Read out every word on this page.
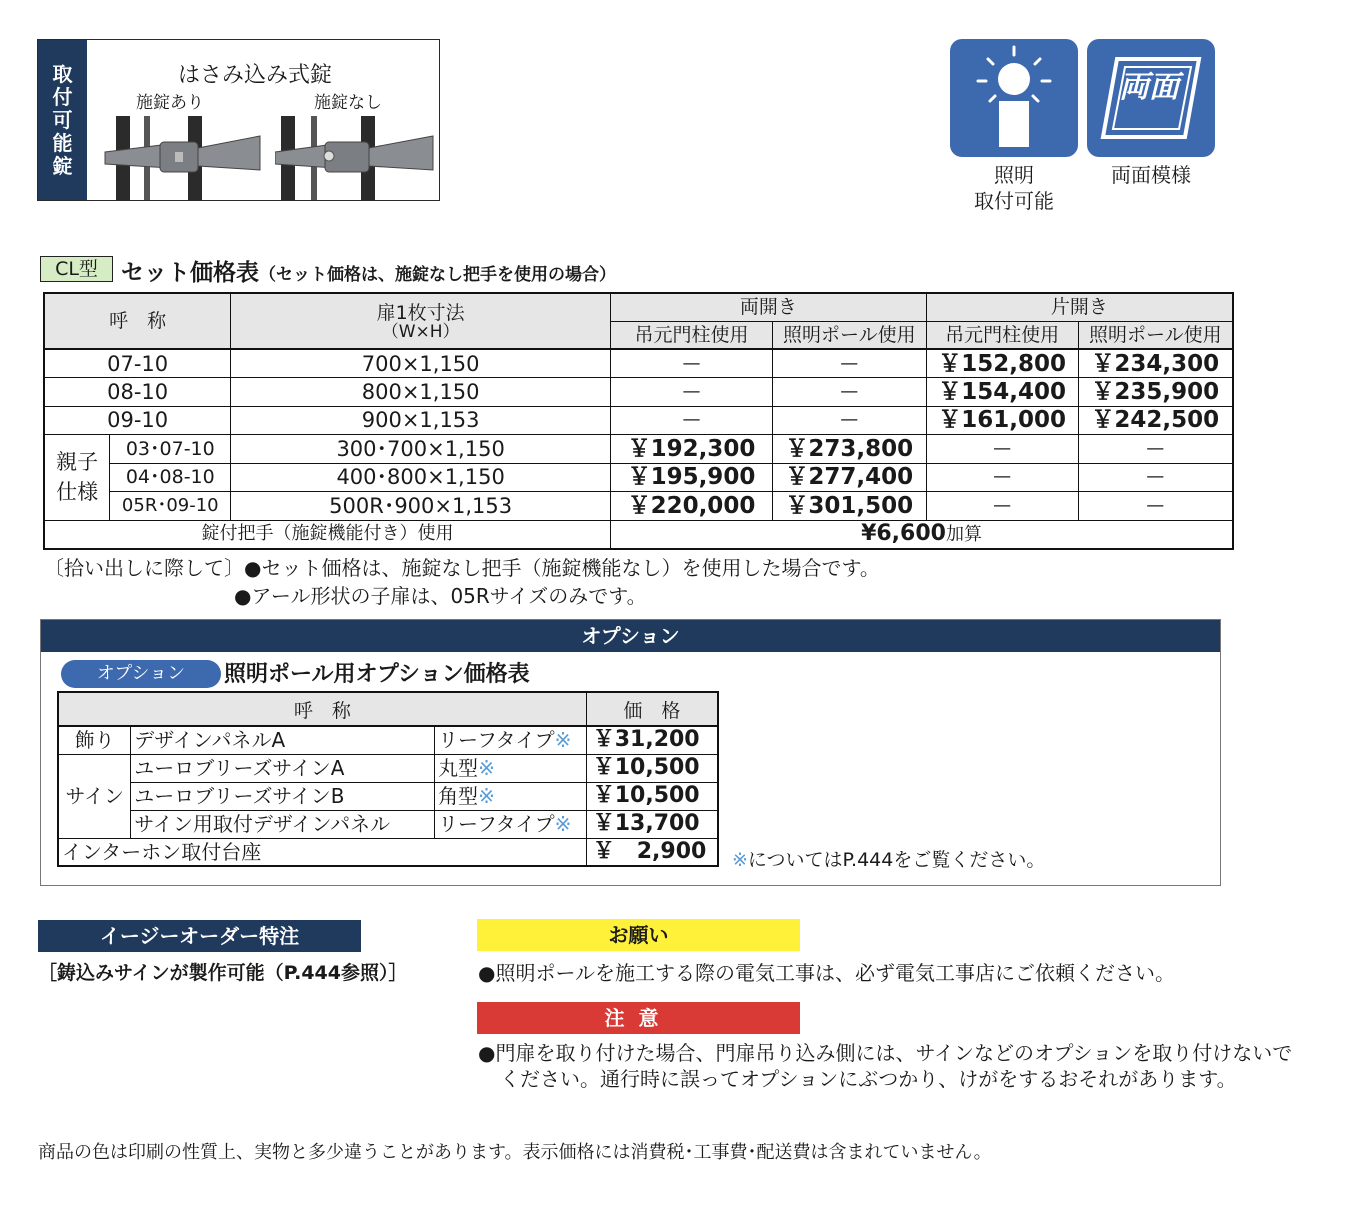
取
付
可
能
錠
はさみ込み式錠
施錠あり	施錠なし
照明
取付可能
両面
両面模様
CL型	セット価格表（セット価格は、施錠なし把手を使用の場合）
呼　称		扉1枚寸法
（W×H）	両開き		片開き	
			吊元門柱使用	照明ポール使用	吊元門柱使用	照明ポール使用
07-10		700×1,150	—	—	￥152,800	￥234,300
08-10		800×1,150	—	—	￥154,400	￥235,900
09-10		900×1,153	—	—	￥161,000	￥242,500

親子
仕様	03･07-10	300･700×1,150	￥192,300	￥273,800	—	—
	04･08-10	400･800×1,150	￥195,900	￥277,400	—	—
	05R･09-10	500R･900×1,153	￥220,000	￥301,500	—	—
錠付把手（施錠機能付き）使用			¥6,600加算			
〔拾い出しに際して〕●セット価格は、施錠なし把手（施錠機能なし）を使用した場合です。
●アール形状の子扉は、05Rサイズのみです。
オプション
オプション	照明ポール用オプション価格表
呼　称			価　格
飾り	デザインパネルA	リーフタイプ※	￥31,200
サイン	ユーロブリーズサインA	丸型※	￥10,500
	ユーロブリーズサインB	角型※	￥10,500
	サイン用取付デザインパネル	リーフタイプ※	￥13,700
インターホン取付台座			￥　2,900 ※についてはP.444をご覧ください。
イージーオーダー特注
［鋳込みサインが製作可能（P.444参照）］
お願い
●照明ポールを施工する際の電気工事は、必ず電気工事店にご依頼ください。
注意
●門扉を取り付けた場合、門扉吊り込み側には、サインなどのオプションを取り付けないで
ください。通行時に誤ってオプションにぶつかり、けがをするおそれがあります。
商品の色は印刷の性質上、実物と多少違うことがあります。表示価格には消費税･工事費･配送費は含まれていません。
